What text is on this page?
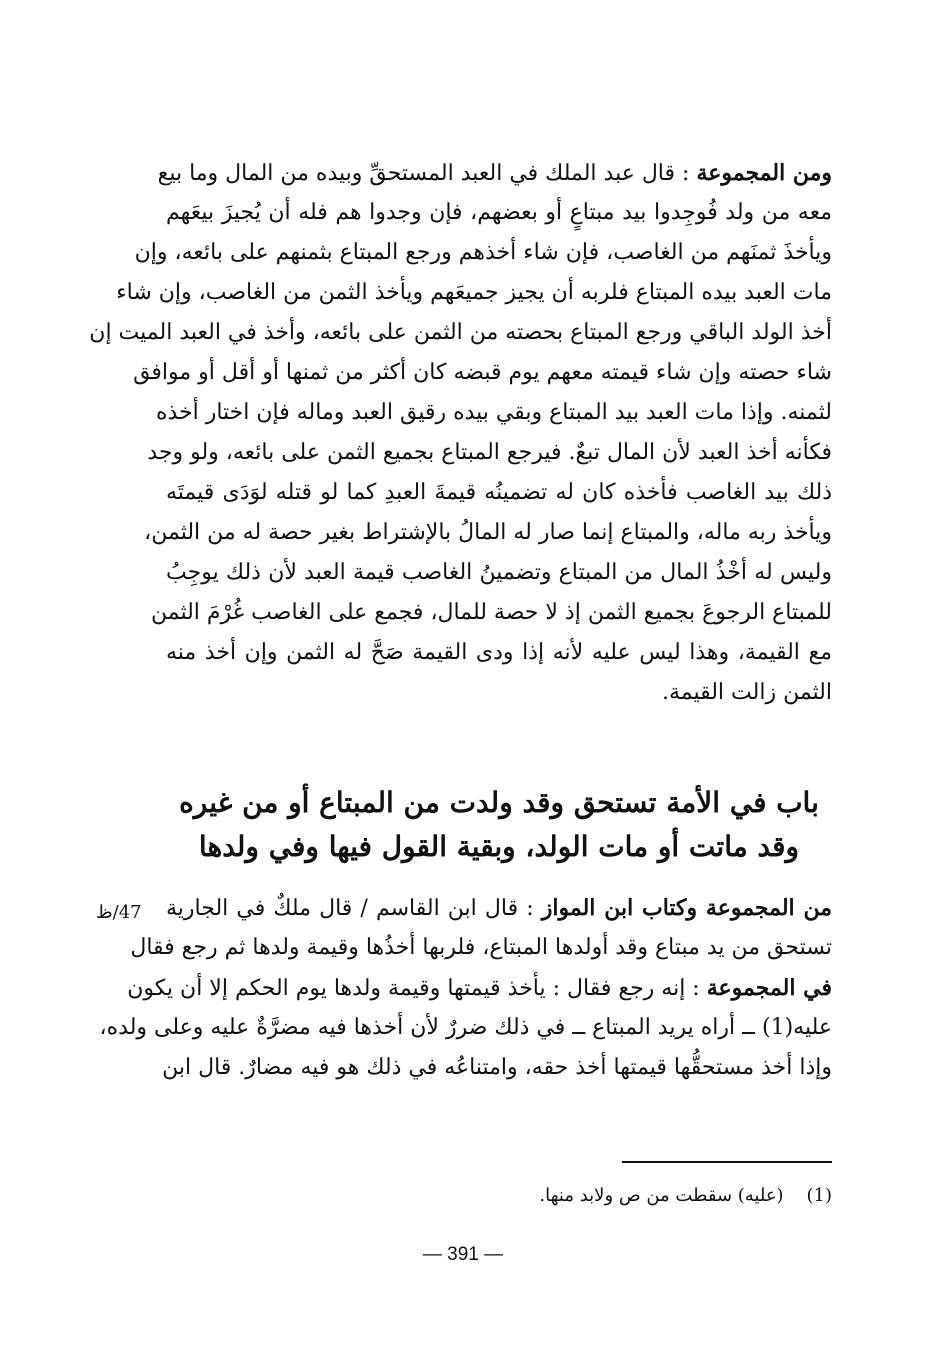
ومن المجموعة : قال عبد الملك في العبد المستحقِّ وبيده من المال وما بيع
معه من ولد فُوجِدوا بيد مبتاعٍ أو بعضهم، فإن وجدوا هم فله أن يُجيزَ بيعَهم
ويأخذَ ثمنَهم من الغاصب، فإن شاء أخذهم ورجع المبتاع بثمنهم على بائعه، وإن
مات العبد بيده المبتاع فلربه أن يجيز جميعَهم ويأخذ الثمن من الغاصب، وإن شاء
أخذ الولد الباقي ورجع المبتاع بحصته من الثمن على بائعه، وأخذ في العبد الميت إن
شاء حصته وإن شاء قيمته معهم يوم قبضه كان أكثر من ثمنها أو أقل أو موافق
لثمنه. وإذا مات العبد بيد المبتاع وبقي بيده رقيق العبد وماله فإن اختار أخذه
فكأنه أخذ العبد لأن المال تبعٌ. فيرجع المبتاع بجميع الثمن على بائعه، ولو وجد
ذلك بيد الغاصب فأخذه كان له تضمينُه قيمةَ العبدِ كما لو قتله لوَدَى قيمتَه
ويأخذ ربه ماله، والمبتاع إنما صار له المالُ بالإشتراط بغير حصة له من الثمن،
وليس له أخْذُ المال من المبتاع وتضمينُ الغاصب قيمة العبد لأن ذلك يوجِبُ
للمبتاع الرجوعَ بجميع الثمن إذ لا حصة للمال، فجمع على الغاصب غُرْمَ الثمن
مع القيمة، وهذا ليس عليه لأنه إذا ودى القيمة صَحَّ له الثمن وإن أخذ منه
الثمن زالت القيمة.
باب في الأمة تستحق وقد ولدت من المبتاع أو من غيره
وقد ماتت أو مات الولد، وبقية القول فيها وفي ولدها
47/ظ	من المجموعة وكتاب ابن المواز : قال ابن القاسم / قال ملكٌ في الجارية
تستحق من يد مبتاع وقد أولدها المبتاع، فلربها أخذُها وقيمة ولدها ثم رجع فقال
في المجموعة : إنه رجع فقال : يأخذ قيمتها وقيمة ولدها يوم الحكم إلا أن يكون
عليه(1) ــ أراه يريد المبتاع ــ في ذلك ضررٌ لأن أخذها فيه مضرَّةٌ عليه وعلى ولده،
وإذا أخذ مستحقُّها قيمتها أخذ حقه، وامتناعُه في ذلك هو فيه مضارٌ. قال ابن
(1)    (عليه) سقطت من ص ولابد منها.
— 391 —
